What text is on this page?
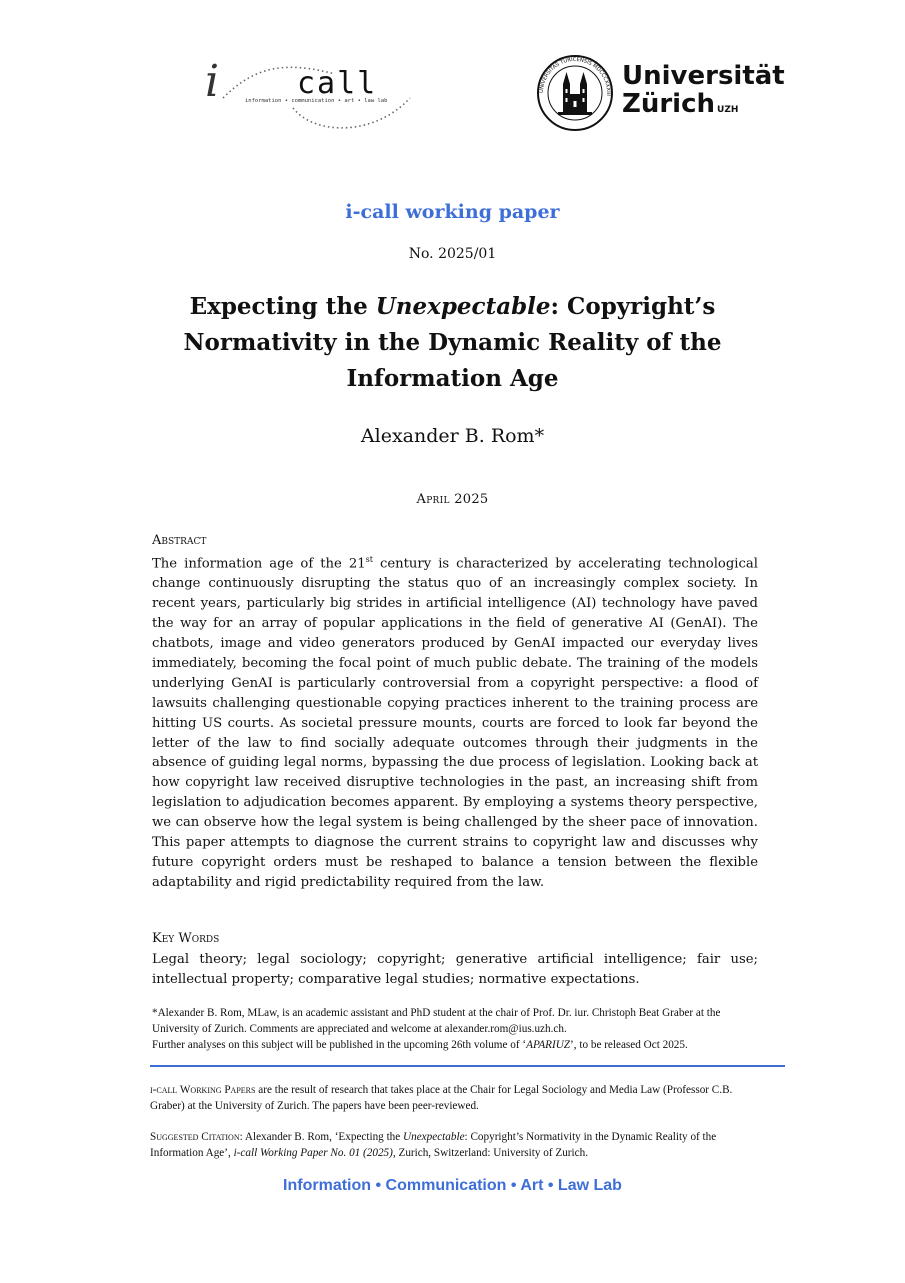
i	call
information • communication • art • law lab
UNIVERSITAS TURICENSIS MDCCCXXXIII
Universität
Zürich $^{UZH}$
i-call working paper
No. 2025/01
Expecting the Unexpectable: Copyright’s
Normativity in the Dynamic Reality of the
Information Age
Alexander B. Rom*
April 2025
Abstract

The information age of the 21st century is characterized by accelerating technological change continuously disrupting the status quo of an increasingly complex society. In recent years, particularly big strides in artificial intelligence (AI) technology have paved the way for an array of popular applications in the field of generative AI (GenAI). The chatbots, image and video generators produced by GenAI impacted our everyday lives immediately, becoming the focal point of much public debate. The training of the models underlying GenAI is particularly controversial from a copyright perspective: a flood of lawsuits challenging questionable copying practices inherent to the training process are hitting US courts. As societal pressure mounts, courts are forced to look far beyond the letter of the law to find socially adequate outcomes through their judgments in the absence of guiding legal norms, bypassing the due process of legislation. Looking back at how copyright law received disruptive technologies in the past, an increasing shift from legislation to adjudication becomes apparent. By employing a systems theory perspective, we can observe how the legal system is being challenged by the sheer pace of innovation. This paper attempts to diagnose the current strains to copyright law and discusses why future copyright orders must be reshaped to balance a tension between the flexible adaptability and rigid predictability required from the law.

Key Words

Legal theory; legal sociology; copyright; generative artificial intelligence; fair use; intellectual property; comparative legal studies; normative expectations.

*Alexander B. Rom, MLaw, is an academic assistant and PhD student at the chair of Prof. Dr. iur. Christoph Beat Graber at the University of Zurich. Comments are appreciated and welcome at alexander.rom@ius.uzh.ch.
Further analyses on this subject will be published in the upcoming 26th volume of ‘APARIUZ’, to be released Oct 2025.

i-call Working Papers are the result of research that takes place at the Chair for Legal Sociology and Media Law (Professor C.B. Graber) at the University of Zurich. The papers have been peer-reviewed.

Suggested Citation: Alexander B. Rom, ‘Expecting the Unexpectable: Copyright’s Normativity in the Dynamic Reality of the Information Age’, i-call Working Paper No. 01 (2025), Zurich, Switzerland: University of Zurich.

Information • Communication • Art • Law Lab
